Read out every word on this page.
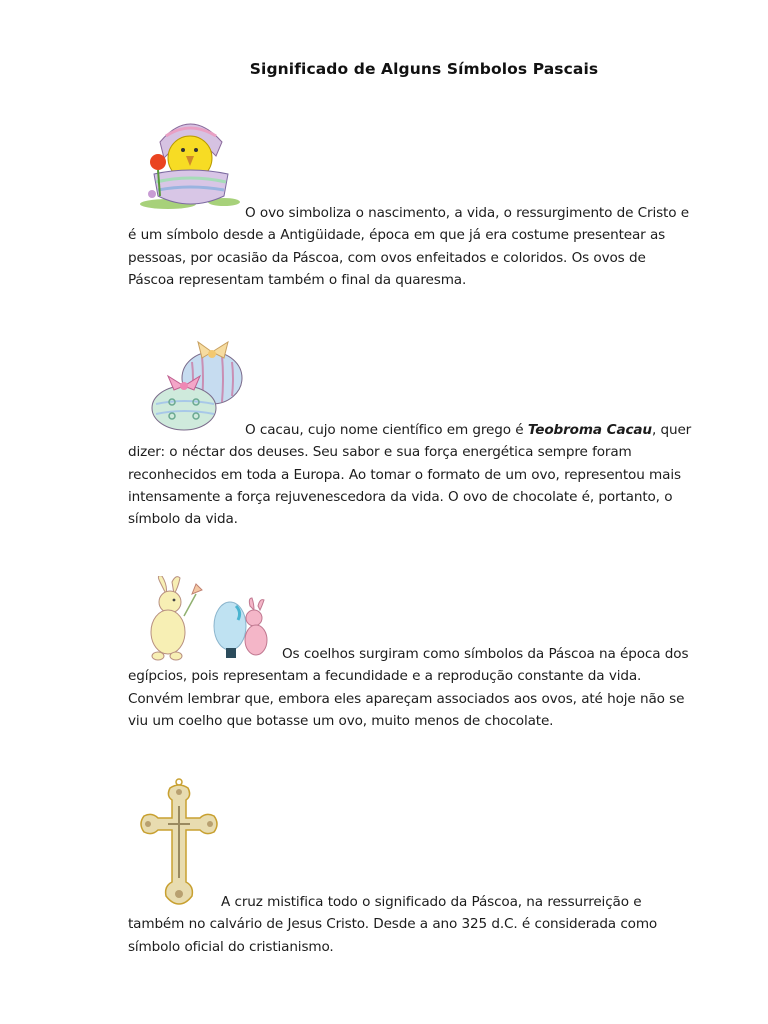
Significado de Alguns Símbolos Pascais
O ovo simboliza o nascimento, a vida, o ressurgimento de Cristo e
é um símbolo desde a Antigüidade, época em que já era costume presentear as
pessoas, por ocasião da Páscoa, com ovos enfeitados e coloridos. Os ovos de
Páscoa representam também o final da quaresma.
O cacau, cujo nome científico em grego é Teobroma Cacau, quer
dizer: o néctar dos deuses. Seu sabor e sua força energética sempre foram
reconhecidos em toda a Europa. Ao tomar o formato de um ovo, representou mais
intensamente a força rejuvenescedora da vida. O ovo de chocolate é, portanto, o
símbolo da vida.
Os coelhos surgiram como símbolos da Páscoa na época dos
egípcios, pois representam a fecundidade e a reprodução constante da vida.
Convém lembrar que, embora eles apareçam associados aos ovos, até hoje não se
viu um coelho que botasse um ovo, muito menos de chocolate.
A cruz mistifica todo o significado da Páscoa, na ressurreição e
também no calvário de Jesus Cristo. Desde a ano 325 d.C. é considerada como
símbolo oficial do cristianismo.
